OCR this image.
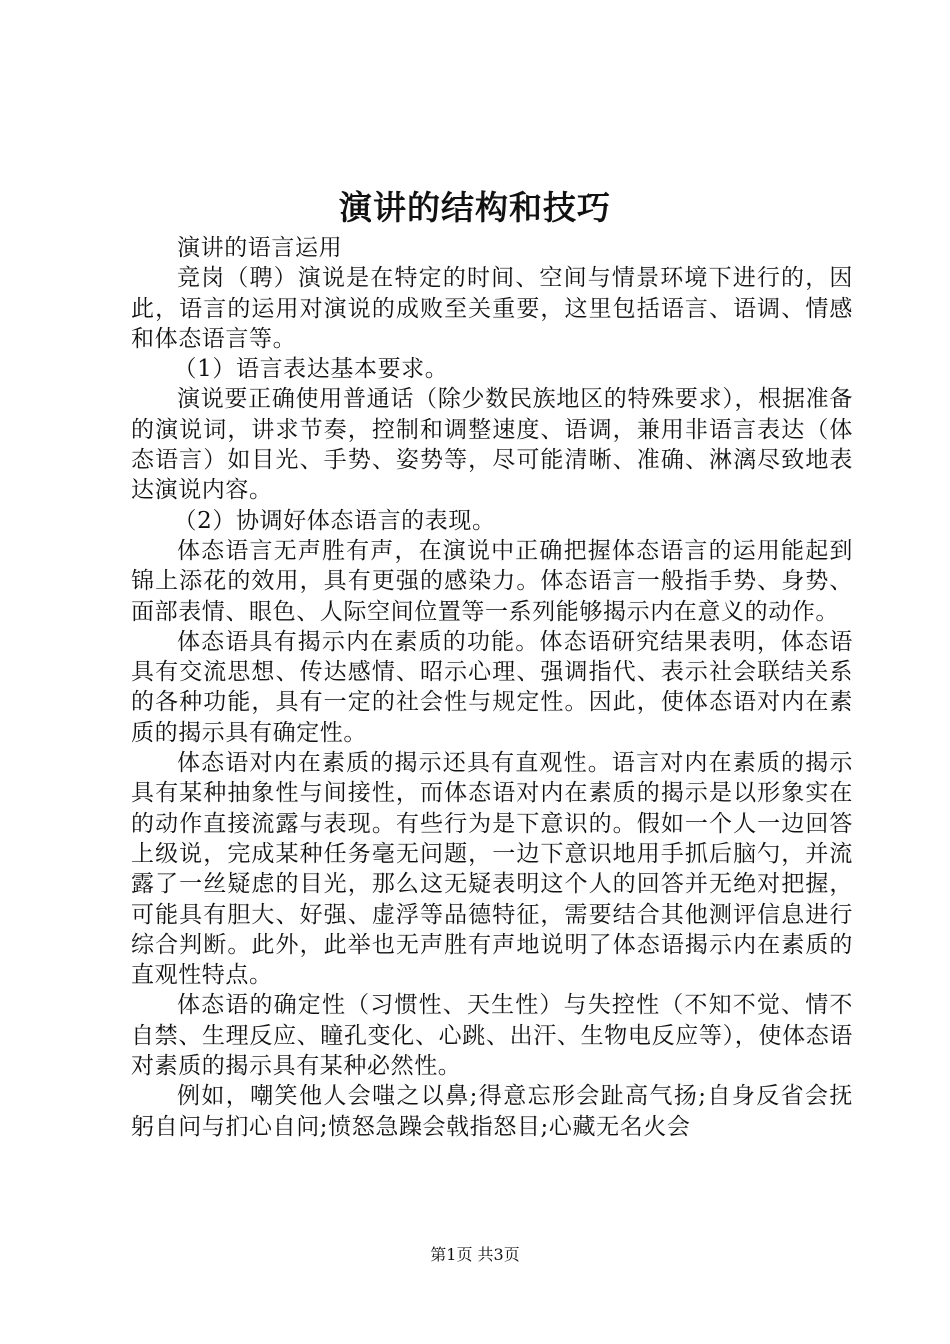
演讲的结构和技巧

演讲的语言运用

竞岗（聘）演说是在特定的时间、空间与情景环境下进行的，因此，语言的运用对演说的成败至关重要，这里包括语言、语调、情感和体态语言等。

（1）语言表达基本要求。

演说要正确使用普通话（除少数民族地区的特殊要求），根据准备的演说词，讲求节奏，控制和调整速度、语调，兼用非语言表达（体态语言）如目光、手势、姿势等，尽可能清晰、准确、淋漓尽致地表达演说内容。

（2）协调好体态语言的表现。

体态语言无声胜有声，在演说中正确把握体态语言的运用能起到锦上添花的效用，具有更强的感染力。体态语言一般指手势、身势、面部表情、眼色、人际空间位置等一系列能够揭示内在意义的动作。

体态语具有揭示内在素质的功能。体态语研究结果表明，体态语具有交流思想、传达感情、昭示心理、强调指代、表示社会联结关系的各种功能，具有一定的社会性与规定性。因此，使体态语对内在素质的揭示具有确定性。

体态语对内在素质的揭示还具有直观性。语言对内在素质的揭示具有某种抽象性与间接性，而体态语对内在素质的揭示是以形象实在的动作直接流露与表现。有些行为是下意识的。假如一个人一边回答上级说，完成某种任务毫无问题，一边下意识地用手抓后脑勺，并流露了一丝疑虑的目光，那么这无疑表明这个人的回答并无绝对把握，可能具有胆大、好强、虚浮等品德特征，需要结合其他测评信息进行综合判断。此外，此举也无声胜有声地说明了体态语揭示内在素质的直观性特点。

体态语的确定性（习惯性、天生性）与失控性（不知不觉、情不自禁、生理反应、瞳孔变化、心跳、出汗、生物电反应等），使体态语对素质的揭示具有某种必然性。

例如，嘲笑他人会嗤之以鼻;得意忘形会趾高气扬;自身反省会抚躬自问与扪心自问;愤怒急躁会戟指怒目;心藏无名火会

第1页 共3页
